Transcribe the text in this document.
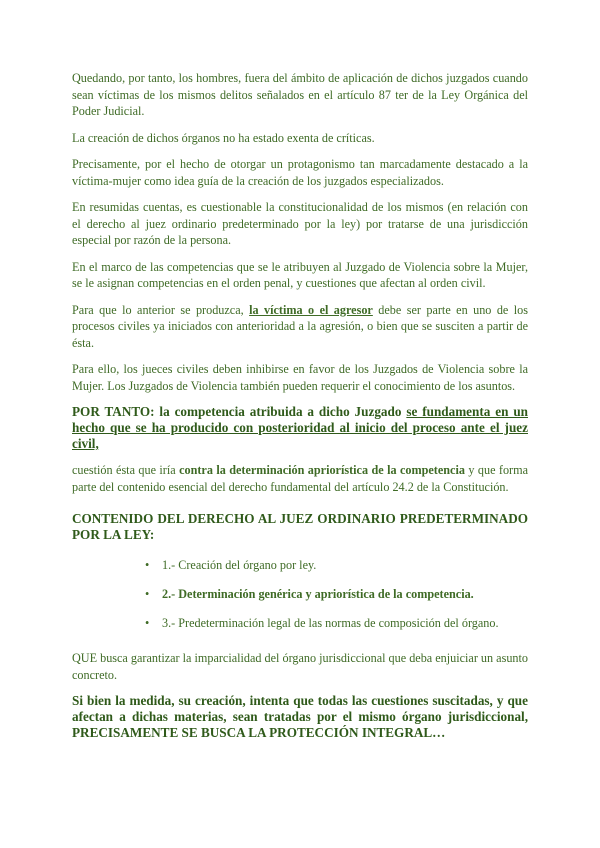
Quedando, por tanto, los hombres, fuera del ámbito de aplicación de dichos juzgados cuando sean víctimas de los mismos delitos señalados en el artículo 87 ter de la Ley Orgánica del Poder Judicial.

La creación de dichos órganos no ha estado exenta de críticas.

Precisamente, por el hecho de otorgar un protagonismo tan marcadamente destacado a la víctima-mujer como idea guía de la creación de los juzgados especializados.

En resumidas cuentas, es cuestionable la constitucionalidad de los mismos (en relación con el derecho al juez ordinario predeterminado por la ley) por tratarse de una jurisdicción especial por razón de la persona.

En el marco de las competencias que se le atribuyen al Juzgado de Violencia sobre la Mujer, se le asignan competencias en el orden penal, y cuestiones que afectan al orden civil.

Para que lo anterior se produzca, la víctima o el agresor debe ser parte en uno de los procesos civiles ya iniciados con anterioridad a la agresión, o bien que se susciten a partir de ésta.

Para ello, los jueces civiles deben inhibirse en favor de los Juzgados de Violencia sobre la Mujer. Los Juzgados de Violencia también pueden requerir el conocimiento de los asuntos.

POR TANTO: la competencia atribuida a dicho Juzgado se fundamenta en un hecho que se ha producido con posterioridad al inicio del proceso ante el juez civil,

cuestión ésta que iría contra la determinación apriorística de la competencia y que forma parte del contenido esencial del derecho fundamental del artículo 24.2 de la Constitución.

CONTENIDO DEL DERECHO AL JUEZ ORDINARIO PREDETERMINADO POR LA LEY:

• 1.- Creación del órgano por ley.
• 2.- Determinación genérica y apriorística de la competencia.
• 3.- Predeterminación legal de las normas de composición del órgano.

QUE busca garantizar la imparcialidad del órgano jurisdiccional que deba enjuiciar un asunto concreto.

Si bien la medida, su creación, intenta que todas las cuestiones suscitadas, y que afectan a dichas materias, sean tratadas por el mismo órgano jurisdiccional, PRECISAMENTE SE BUSCA LA PROTECCIÓN INTEGRAL…
